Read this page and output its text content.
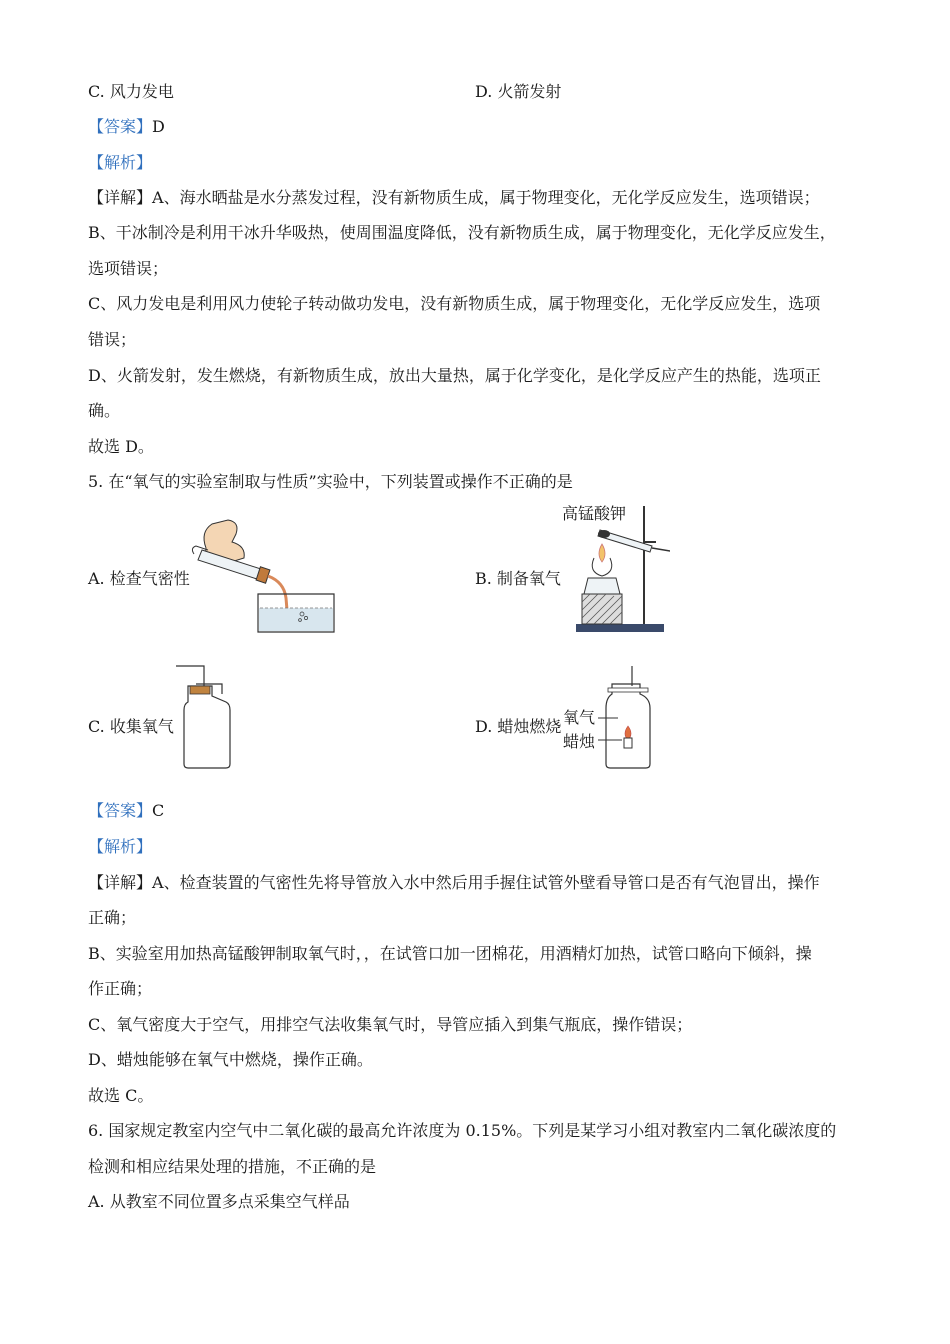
C. 风力发电	D. 火箭发射
【答案】D
【解析】
【详解】A、海水晒盐是水分蒸发过程，没有新物质生成，属于物理变化，无化学反应发生，选项错误；
B、干冰制冷是利用干冰升华吸热，使周围温度降低，没有新物质生成，属于物理变化，无化学反应发生，
选项错误；
C、风力发电是利用风力使轮子转动做功发电，没有新物质生成，属于物理变化，无化学反应发生，选项
错误；
D、火箭发射，发生燃烧，有新物质生成，放出大量热，属于化学变化，是化学反应产生的热能，选项正
确。
故选 D。
5. 在“氧气的实验室制取与性质”实验中，下列装置或操作不正确的是
A. 检查气密性	B. 制备氧气
C. 收集氧气	D. 蜡烛燃烧
高锰酸钾
氧气
蜡烛
【答案】C
【解析】
【详解】A、检查装置的气密性先将导管放入水中然后用手握住试管外壁看导管口是否有气泡冒出，操作
正确；
B、实验室用加热高锰酸钾制取氧气时，，在试管口加一团棉花，用酒精灯加热，试管口略向下倾斜，操
作正确；
C、氧气密度大于空气，用排空气法收集氧气时，导管应插入到集气瓶底，操作错误；
D、蜡烛能够在氧气中燃烧，操作正确。
故选 C。
6. 国家规定教室内空气中二氧化碳的最高允许浓度为 0.15%。下列是某学习小组对教室内二氧化碳浓度的
检测和相应结果处理的措施，不正确的是
A. 从教室不同位置多点采集空气样品
